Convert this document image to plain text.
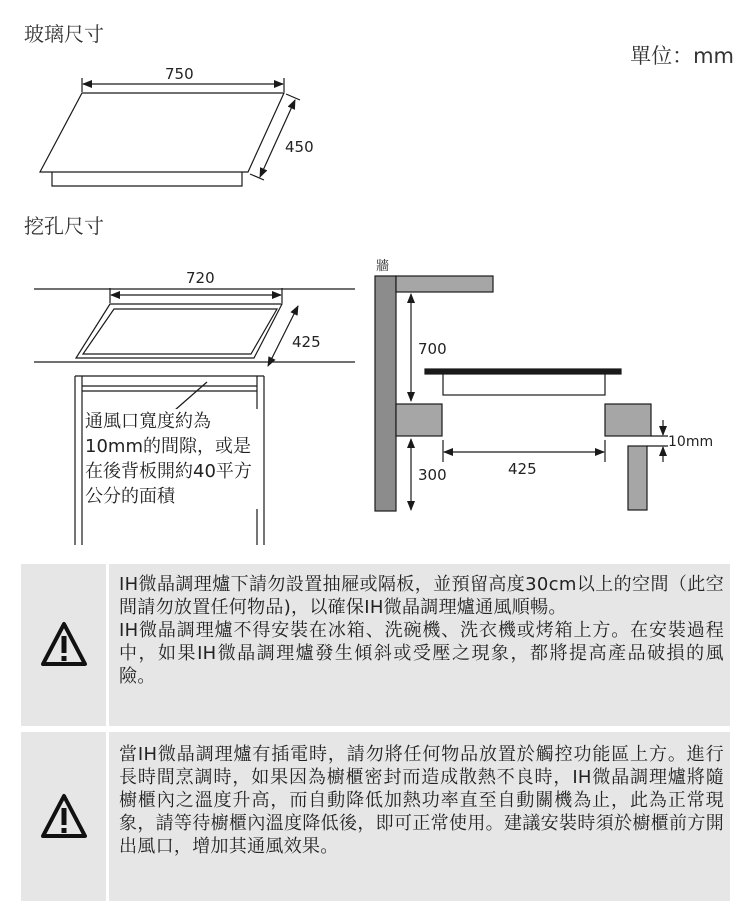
玻璃尺寸
單位：mm
挖孔尺寸
750
450
720
425
牆
700
300	425
10mm
通風口寬度約為10mm的間隙，或是在後背板開約40平方公分的面積

IH微晶調理爐下請勿設置抽屜或隔板，並預留高度30cm以上的空間（此空間請勿放置任何物品)，以確保IH微晶調理爐通風順暢。

IH微晶調理爐不得安裝在冰箱、洗碗機、洗衣機或烤箱上方。在安裝過程中，如果IH微晶調理爐發生傾斜或受壓之現象，都將提高產品破損的風險。

當IH微晶調理爐有插電時，請勿將任何物品放置於觸控功能區上方。進行長時間烹調時，如果因為櫥櫃密封而造成散熱不良時，IH微晶調理爐將隨櫥櫃內之溫度升高，而自動降低加熱功率直至自動關機為止，此為正常現象，請等待櫥櫃內溫度降低後，即可正常使用。建議安裝時須於櫥櫃前方開出風口，增加其通風效果。
